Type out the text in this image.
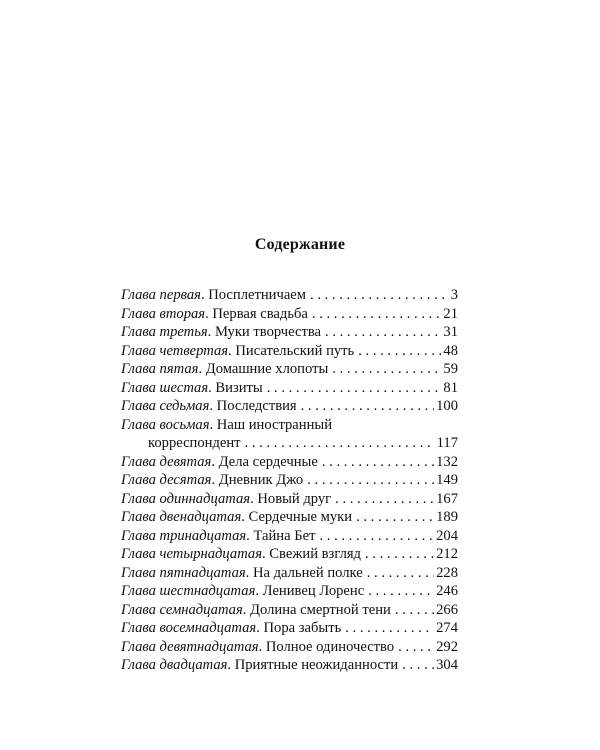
Содержание
Глава первая. Посплетничаем . . .	3
Глава вторая. Первая свадьба . . .	21
Глава третья. Муки творчества . . .	31
Глава четвертая. Писательский путь . . .	48
Глава пятая. Домашние хлопоты . . .	59
Глава шестая. Визиты . . .	81
Глава седьмая. Последствия . . .	100
Глава восьмая. Наш иностранный
корреспондент . . .	117
Глава девятая. Дела сердечные . . .	132
Глава десятая. Дневник Джо . . .	149
Глава одиннадцатая. Новый друг . . .	167
Глава двенадцатая. Сердечные муки . . .	189
Глава тринадцатая. Тайна Бет . . .	204
Глава четырнадцатая. Свежий взгляд . . .	212
Глава пятнадцатая. На дальней полке . . .	228
Глава шестнадцатая. Ленивец Лоренс . . .	246
Глава семнадцатая. Долина смертной тени . . .	266
Глава восемнадцатая. Пора забыть . . .	274
Глава девятнадцатая. Полное одиночество . . .	292
Глава двадцатая. Приятные неожиданности . . .	304
